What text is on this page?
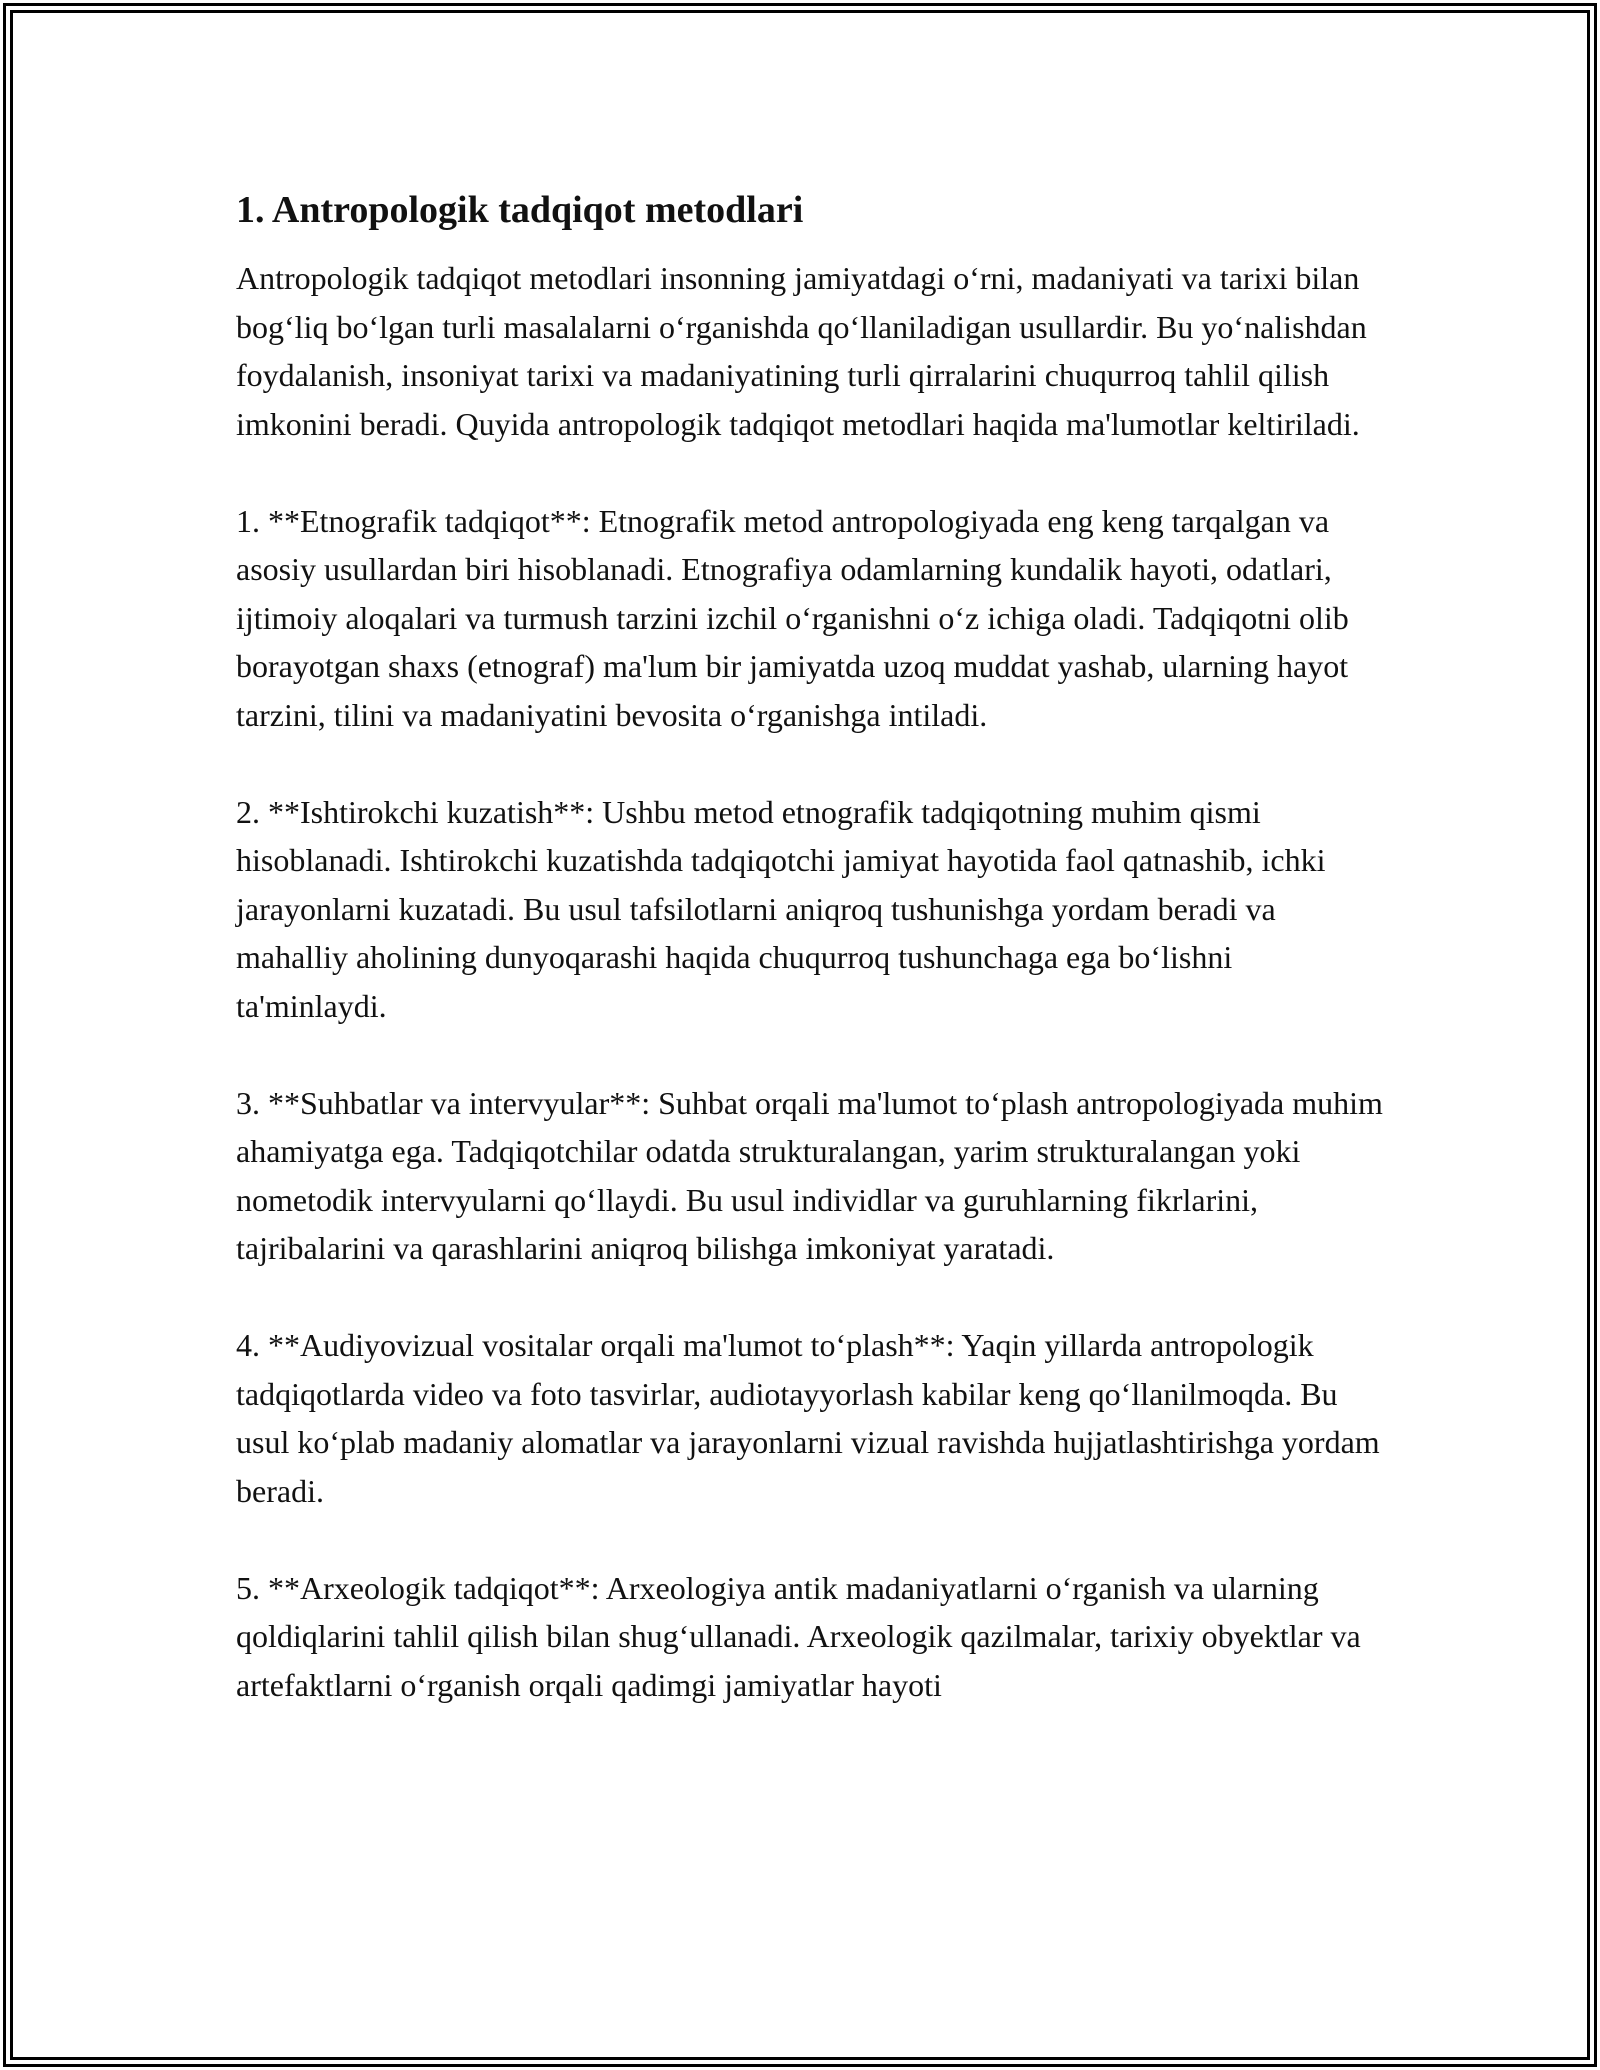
1. Antropologik tadqiqot metodlari

Antropologik tadqiqot metodlari insonning jamiyatdagi oʻrni, madaniyati va tarixi bilan bogʻliq boʻlgan turli masalalarni oʻrganishda qoʻllaniladigan usullardir. Bu yoʻnalishdan foydalanish, insoniyat tarixi va madaniyatining turli qirralarini chuqurroq tahlil qilish imkonini beradi. Quyida antropologik tadqiqot metodlari haqida ma'lumotlar keltiriladi.

1. **Etnografik tadqiqot**: Etnografik metod antropologiyada eng keng tarqalgan va asosiy usullardan biri hisoblanadi. Etnografiya odamlarning kundalik hayoti, odatlari, ijtimoiy aloqalari va turmush tarzini izchil oʻrganishni oʻz ichiga oladi. Tadqiqotni olib borayotgan shaxs (etnograf) ma'lum bir jamiyatda uzoq muddat yashab, ularning hayot tarzini, tilini va madaniyatini bevosita oʻrganishga intiladi.

2. **Ishtirokchi kuzatish**: Ushbu metod etnografik tadqiqotning muhim qismi hisoblanadi. Ishtirokchi kuzatishda tadqiqotchi jamiyat hayotida faol qatnashib, ichki jarayonlarni kuzatadi. Bu usul tafsilotlarni aniqroq tushunishga yordam beradi va mahalliy aholining dunyoqarashi haqida chuqurroq tushunchaga ega boʻlishni ta'minlaydi.

3. **Suhbatlar va intervyular**: Suhbat orqali ma'lumot toʻplash antropologiyada muhim ahamiyatga ega. Tadqiqotchilar odatda strukturalangan, yarim strukturalangan yoki nometodik intervyularni qoʻllaydi. Bu usul individlar va guruhlarning fikrlarini, tajribalarini va qarashlarini aniqroq bilishga imkoniyat yaratadi.

4. **Audiyovizual vositalar orqali ma'lumot toʻplash**: Yaqin yillarda antropologik tadqiqotlarda video va foto tasvirlar, audiotayyorlash kabilar keng qoʻllanilmoqda. Bu usul koʻplab madaniy alomatlar va jarayonlarni vizual ravishda hujjatlashtirishga yordam beradi.

5. **Arxeologik tadqiqot**: Arxeologiya antik madaniyatlarni oʻrganish va ularning qoldiqlarini tahlil qilish bilan shugʻullanadi. Arxeologik qazilmalar, tarixiy obyektlar va artefaktlarni oʻrganish orqali qadimgi jamiyatlar hayoti
